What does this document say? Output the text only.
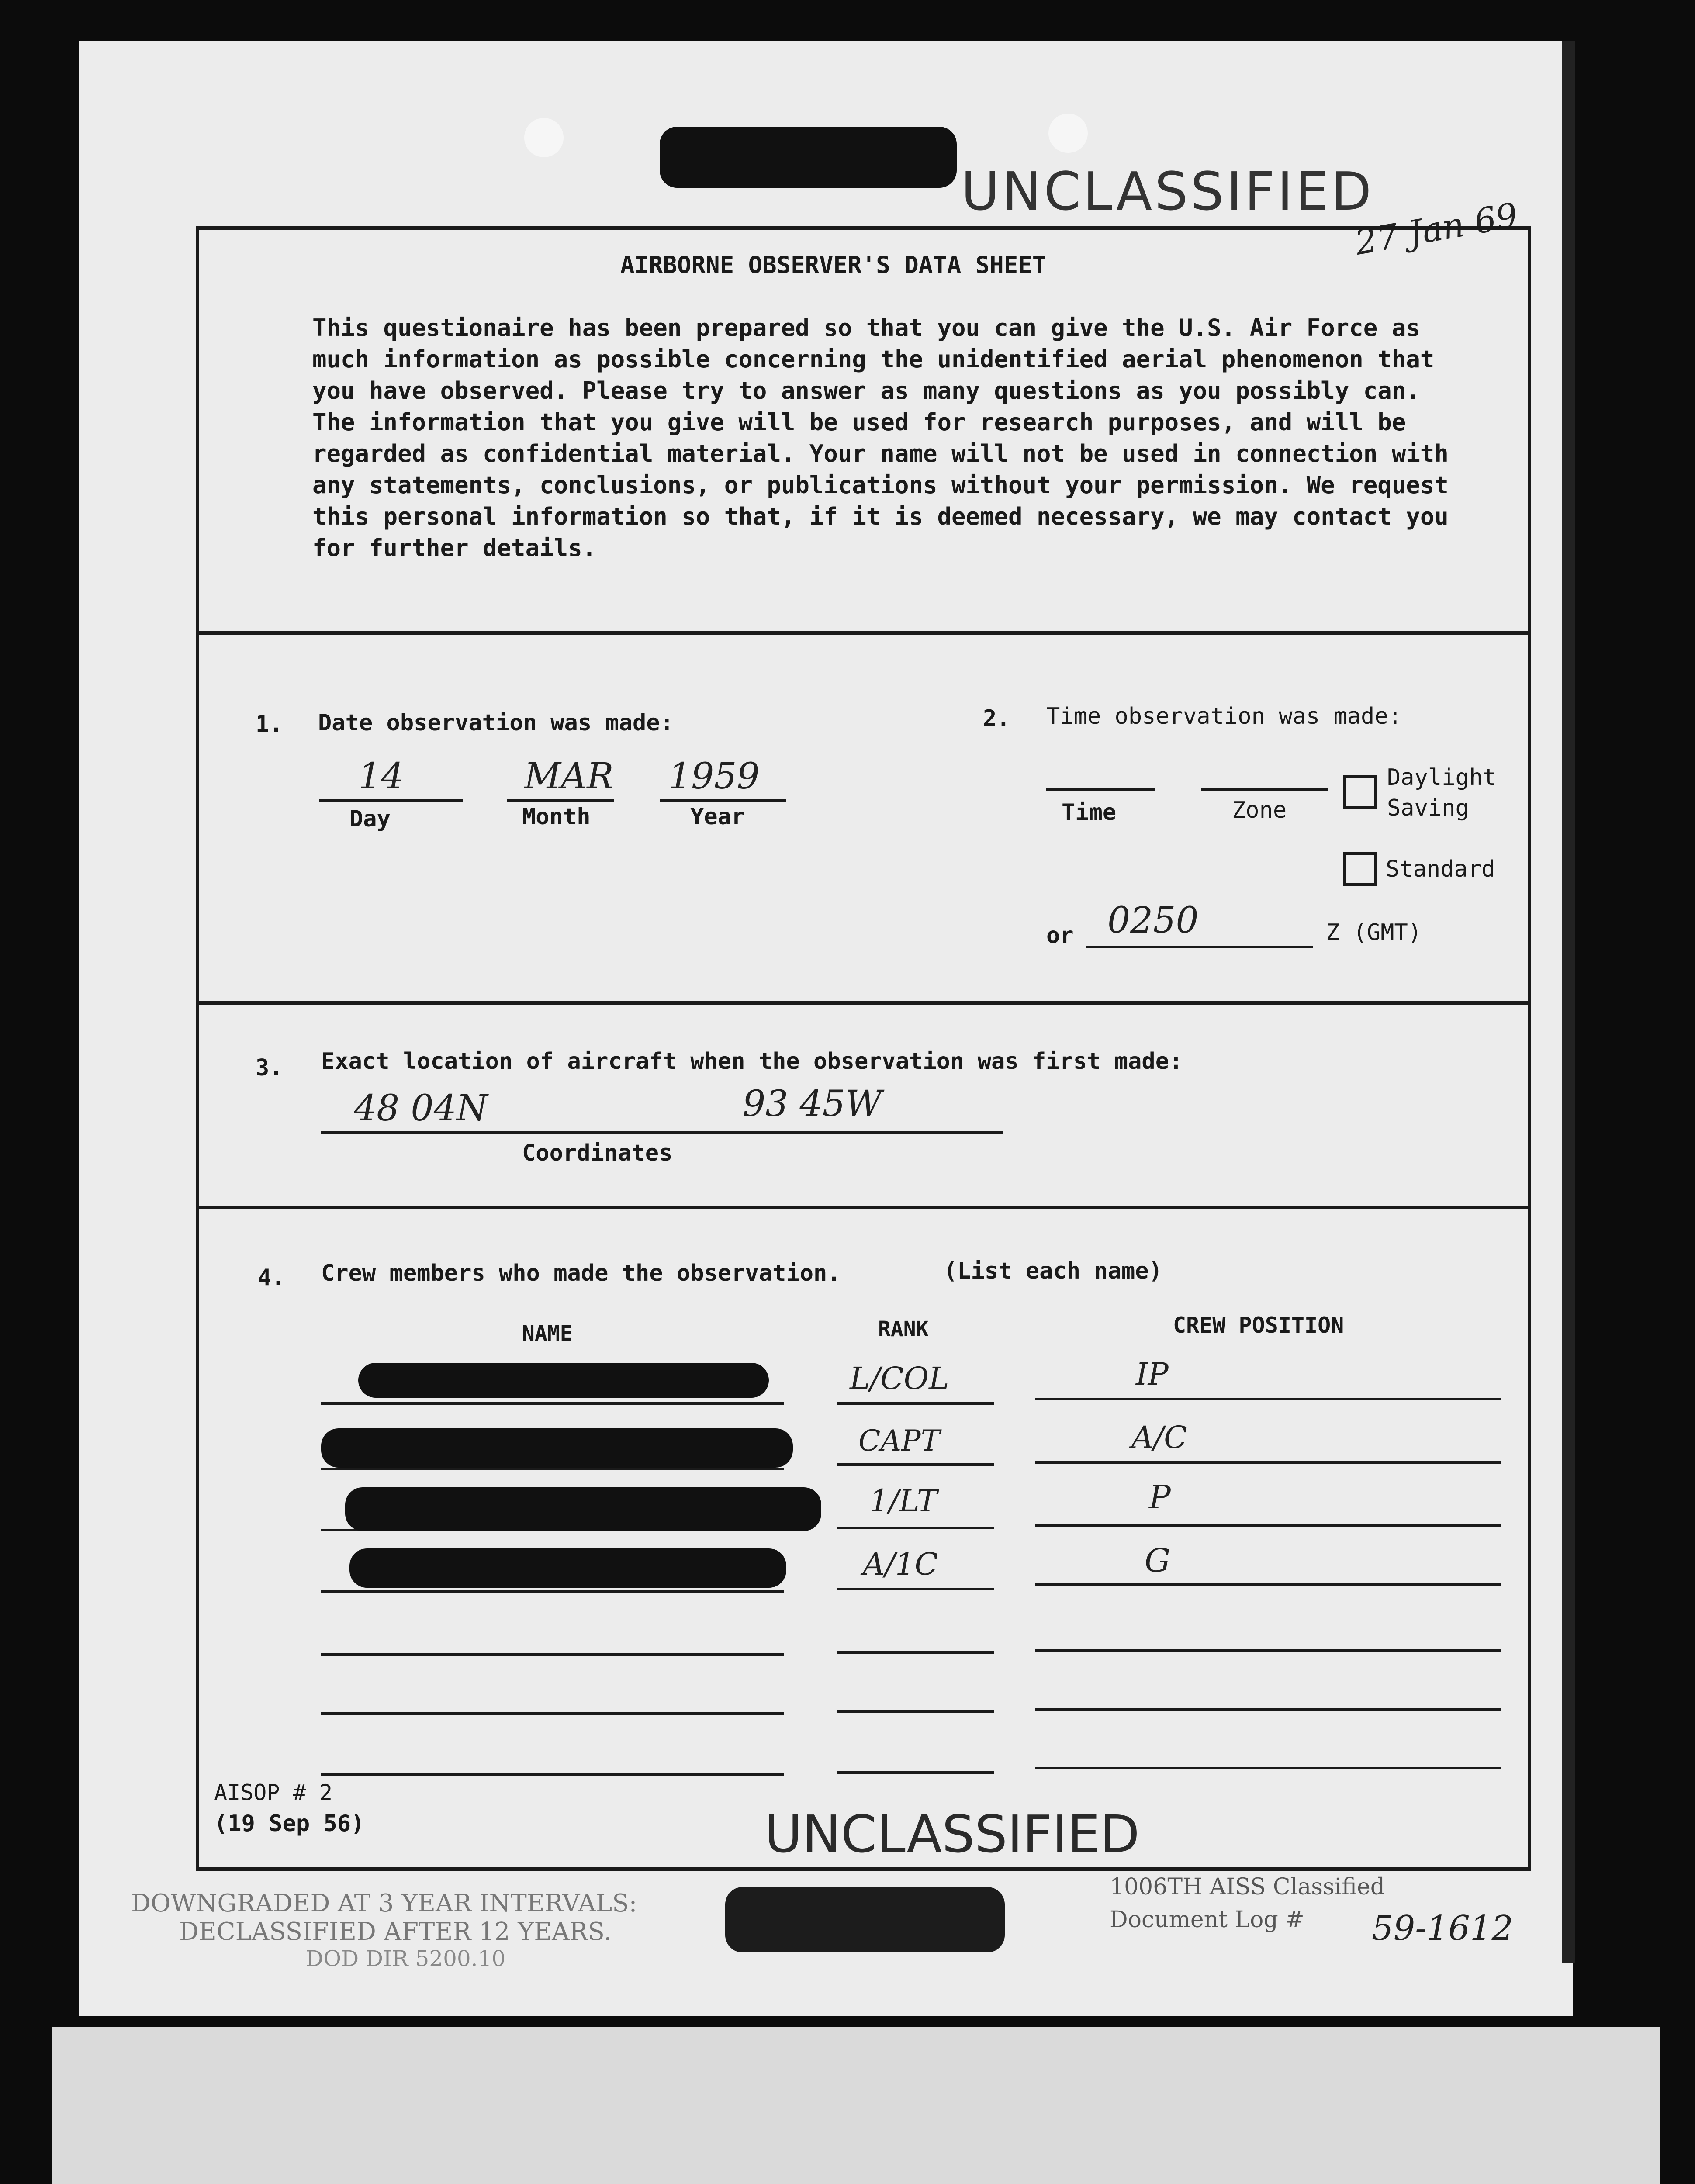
UNCLASSIFIED
27 Jan 69
AIRBORNE OBSERVER'S DATA SHEET
This questionaire has been prepared so that you can give the U.S. Air Force as much information as possible concerning the unidentified aerial phenomenon that you have observed. Please try to answer as many questions as you possibly can. The information that you give will be used for research purposes, and will be regarded as confidential material. Your name will not be used in connection with any statements, conclusions, or publications without your permission. We request this personal information so that, if it is deemed necessary, we may contact you for further details.
1. Date observation was made:
14	MAR 1959
Day	Month	Year
2. Time observation was made:
Time	Zone
Daylight
Saving
Standard
or 0250	Z (GMT)
3. Exact location of aircraft when the observation was first made:
48 04N	93 45W
Coordinates
4. Crew members who made the observation.	(List each name)
NAME	RANK	CREW POSITION
L/COL	IP
CAPT	A/C
1/LT	P
A/1C	G
AISOP # 2
(19 Sep 56)	UNCLASSIFIED
DOWNGRADED AT 3 YEAR INTERVALS:
DECLASSIFIED AFTER 12 YEARS.
DOD DIR 5200.10
1006TH AISS Classified
Document Log # 59-1612
